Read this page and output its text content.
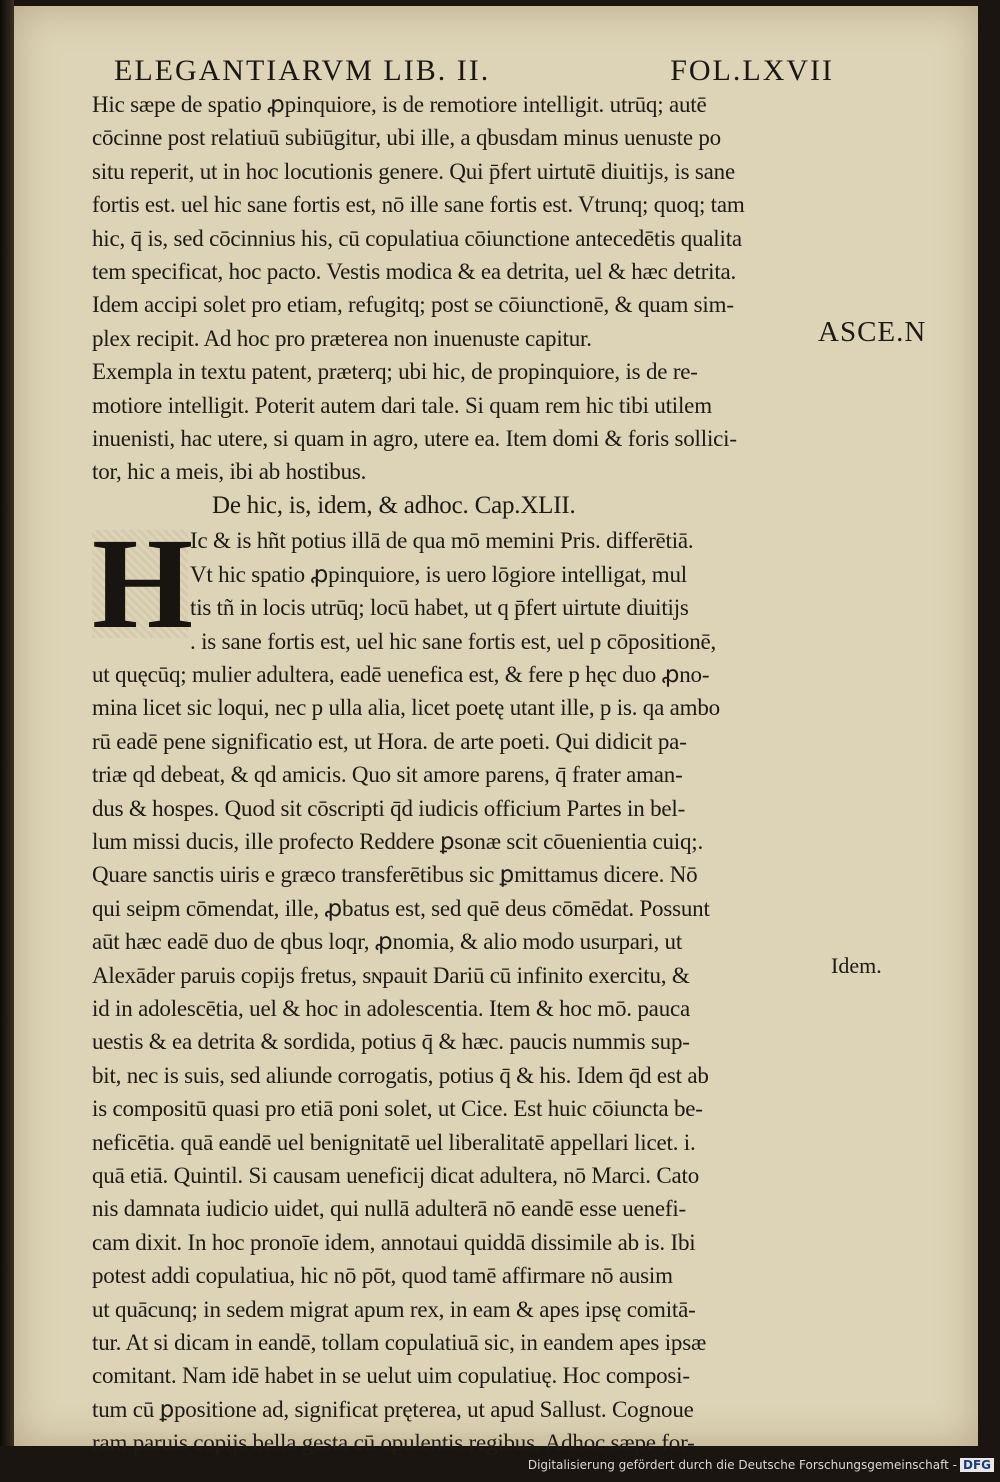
ELEGANTIARVM LIB. II.	FOL.LXVII

Hic sæpe de spatio ꝓpinquiore, is de remotiore intelligit. utrūq; autē

cōcinne post relatiuū subiūgitur, ubi ille, a qbusdam minus uenuste po

situ reperit, ut in hoc locutionis genere. Qui p̄fert uirtutē diuitijs, is sane

fortis est. uel hic sane fortis est, nō ille sane fortis est. Vtrunq; quoq; tam

hic, q̄ is, sed cōcinnius his, cū copulatiua cōiunctione antecedētis qualita

tem specificat, hoc pacto. Vestis modica & ea detrita, uel & hæc detrita.

Idem accipi solet pro etiam, refugitq; post se cōiunctionē, & quam sim-

plex recipit. Ad hoc pro præterea non inuenuste capitur.

Exempla in textu patent, præterq; ubi hic, de propinquiore, is de re-

motiore intelligit. Poterit autem dari tale. Si quam rem hic tibi utilem

inuenisti, hac utere, si quam in agro, utere ea. Item domi & foris sollici-

tor, hic a meis, ibi ab hostibus.

De hic, is, idem, & adhoc. Cap.XLII.

H

Ic & is hñt potius illā de qua mō memini Pris. differētiā.

Vt hic spatio ꝓpinquiore, is uero lōgiore intelligat, mul

tis tñ in locis utrūq; locū habet, ut q p̄fert uirtute diuitijs

. is sane fortis est, uel hic sane fortis est, uel p cōpositionē,

ut quęcūq; mulier adultera, eadē uenefica est, & fere p hęc duo ꝓno-

mina licet sic loqui, nec p ulla alia, licet poetę utant ille, p is. qa ambo

rū eadē pene significatio est, ut Hora. de arte poeti. Qui didicit pa-

triæ qd debeat, & qd amicis. Quo sit amore parens, q̄ frater aman-

dus & hospes. Quod sit cōscripti q̄d iudicis officium Partes in bel-

lum missi ducis, ille profecto Reddere ꝑsonæ scit cōuenientia cuiq;.

Quare sanctis uiris e græco transferētibus sic ꝑmittamus dicere. Nō

qui seipm cōmendat, ille, ꝓbatus est, sed quē deus cōmēdat. Possunt

aūt hæc eadē duo de qbus loqr, ꝓnomia, & alio modo usurpari, ut

Alexāder paruis copijs fretus, sɴpauit Dariū cū infinito exercitu, &

id in adolescētia, uel & hoc in adolescentia. Item & hoc mō. pauca

uestis & ea detrita & sordida, potius q̄ & hæc. paucis nummis sup-

bit, nec is suis, sed aliunde corrogatis, potius q̄ & his. Idem q̄d est ab

is compositū quasi pro etiā poni solet, ut Cice. Est huic cōiuncta be-

neficētia. quā eandē uel benignitatē uel liberalitatē appellari licet. i.

quā etiā. Quintil. Si causam ueneficij dicat adultera, nō Marci. Cato

nis damnata iudicio uidet, qui nullā adulterā nō eandē esse uenefi-

cam dixit. In hoc pronoīe idem, annotaui quiddā dissimile ab is. Ibi

potest addi copulatiua, hic nō pōt, quod tamē affirmare nō ausim

ut quācunq; in sedem migrat apum rex, in eam & apes ipsę comitā-

tur. At si dicam in eandē, tollam copulatiuā sic, in eandem apes ipsæ

comitant. Nam idē habet in se uelut uim copulatiuę. Hoc composi-

tum cū ꝑpositione ad, significat pręterea, ut apud Sallust. Cognoue

ram paruis copijs bella gesta cū opulentis regibus. Adhoc sæpe for-

ASCE.N
Idem.
Digitalisierung gefördert durch die Deutsche Forschungsgemeinschaft - DFG
